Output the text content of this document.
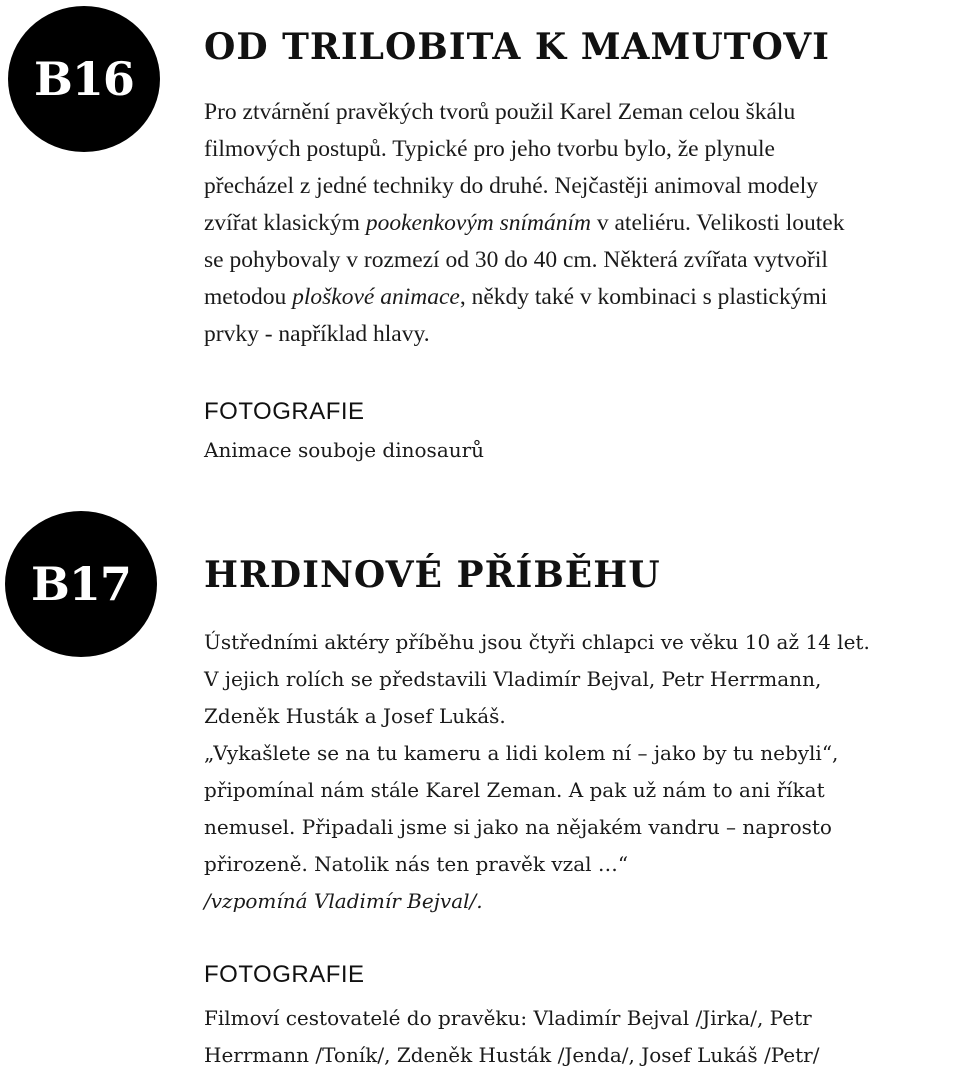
B16
OD TRILOBITA K MAMUTOVI
Pro ztvárnění pravěkých tvorů použil Karel Zeman celou škálu
filmových postupů. Typické pro jeho tvorbu bylo, že plynule
přecházel z jedné techniky do druhé. Nejčastěji animoval modely
zvířat klasickým pookenkovým snímáním v ateliéru. Velikosti loutek
se pohybovaly v rozmezí od 30 do 40 cm. Některá zvířata vytvořil
metodou ploškové animace, někdy také v kombinaci s plastickými
prvky - například hlavy.
FOTOGRAFIE
Animace souboje dinosaurů
B17	HRDINOVÉ PŘÍBĚHU
Ústředními aktéry příběhu jsou čtyři chlapci ve věku 10 až 14 let.
V jejich rolích se představili Vladimír Bejval, Petr Herrmann,
Zdeněk Husták a Josef Lukáš.
„Vykašlete se na tu kameru a lidi kolem ní – jako by tu nebyli“,
připomínal nám stále Karel Zeman. A pak už nám to ani říkat
nemusel. Připadali jsme si jako na nějakém vandru – naprosto
přirozeně. Natolik nás ten pravěk vzal …“
/vzpomíná Vladimír Bejval/.
FOTOGRAFIE
Filmoví cestovatelé do pravěku: Vladimír Bejval /Jirka/, Petr
Herrmann /Toník/, Zdeněk Husták /Jenda/, Josef Lukáš /Petr/
